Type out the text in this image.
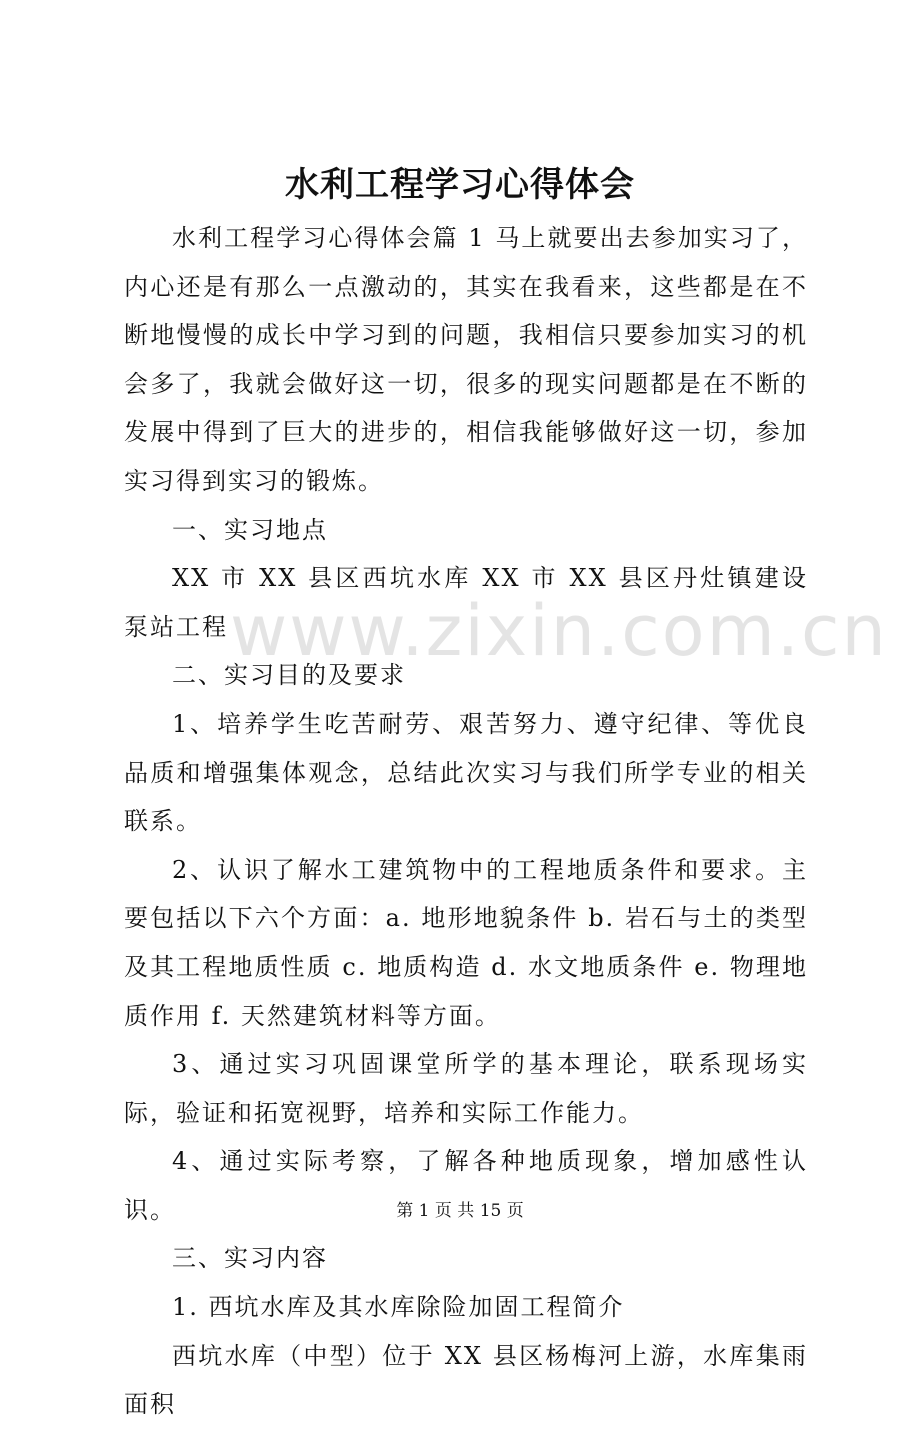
www.zixin.com.cn
水利工程学习心得体会

水利工程学习心得体会篇 1 马上就要出去参加实习了，内心还是有那么一点激动的，其实在我看来，这些都是在不断地慢慢的成长中学习到的问题，我相信只要参加实习的机会多了，我就会做好这一切，很多的现实问题都是在不断的发展中得到了巨大的进步的，相信我能够做好这一切，参加实习得到实习的锻炼。

一、实习地点

XX 市 XX 县区西坑水库 XX 市 XX 县区丹灶镇建设泵站工程

二、实习目的及要求

1、培养学生吃苦耐劳、艰苦努力、遵守纪律、等优良品质和增强集体观念，总结此次实习与我们所学专业的相关联系。

2、认识了解水工建筑物中的工程地质条件和要求。主要包括以下六个方面：a. 地形地貌条件 b. 岩石与土的类型及其工程地质性质 c. 地质构造 d. 水文地质条件 e. 物理地质作用 f. 天然建筑材料等方面。

3、通过实习巩固课堂所学的基本理论，联系现场实际，验证和拓宽视野，培养和实际工作能力。

4、通过实际考察，了解各种地质现象，增加感性认识。

三、实习内容

1. 西坑水库及其水库除险加固工程简介

西坑水库（中型）位于 XX 县区杨梅河上游，水库集雨面积

第 1 页 共 15 页
